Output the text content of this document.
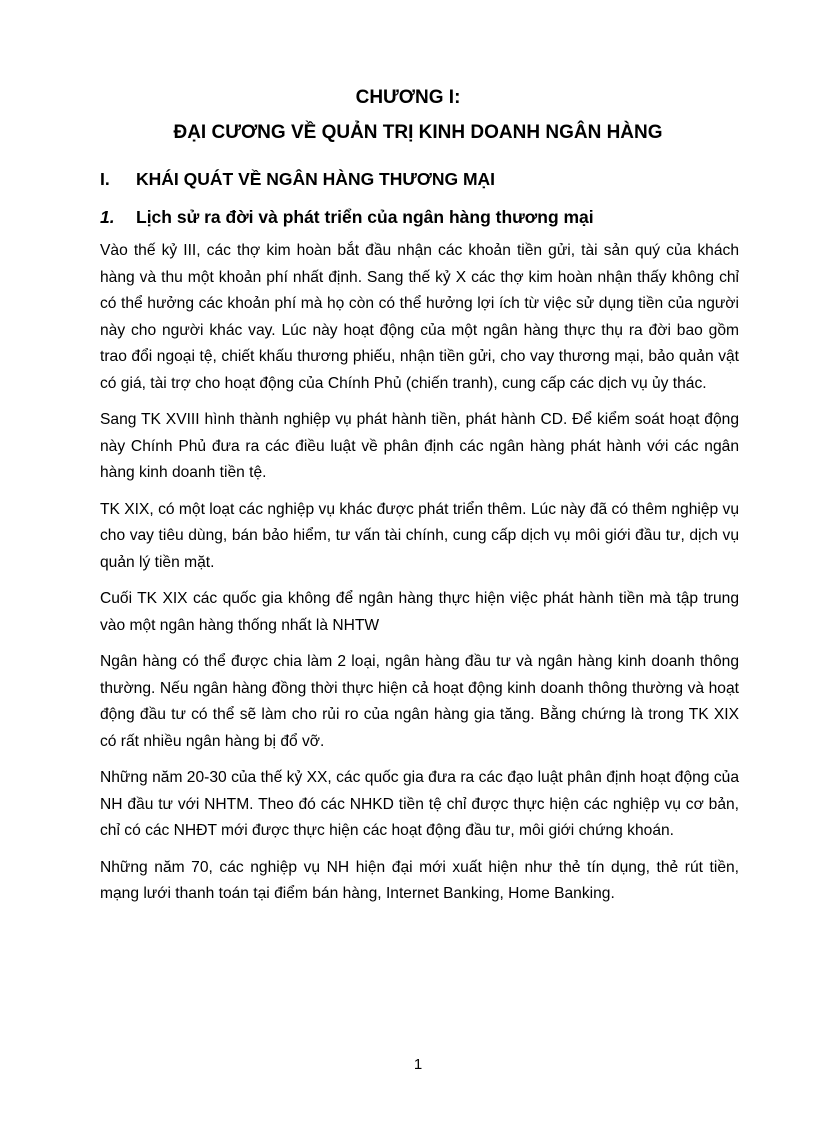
CHƯƠNG I:
ĐẠI CƯƠNG VỀ QUẢN TRỊ KINH DOANH NGÂN HÀNG
I. KHÁI QUÁT VỀ NGÂN HÀNG THƯƠNG MẠI
1. Lịch sử ra đời và phát triển của ngân hàng thương mại

Vào thế kỷ III, các thợ kim hoàn bắt đầu nhận các khoản tiền gửi, tài sản quý của khách hàng và thu một khoản phí nhất định. Sang thế kỷ X các thợ kim hoàn nhận thấy không chỉ có thể hưởng các khoản phí mà họ còn có thể hưởng lợi ích từ việc sử dụng tiền của người này cho người khác vay. Lúc này hoạt động của một ngân hàng thực thụ ra đời bao gồm trao đổi ngoại tệ, chiết khấu thương phiếu, nhận tiền gửi, cho vay thương mại, bảo quản vật có giá, tài trợ cho hoạt động của Chính Phủ (chiến tranh), cung cấp các dịch vụ ủy thác.

Sang TK XVIII hình thành nghiệp vụ phát hành tiền, phát hành CD. Để kiểm soát hoạt động này Chính Phủ đưa ra các điều luật về phân định các ngân hàng phát hành với các ngân hàng kinh doanh tiền tệ.

TK XIX, có một loạt các nghiệp vụ khác được phát triển thêm. Lúc này đã có thêm nghiệp vụ cho vay tiêu dùng, bán bảo hiểm, tư vấn tài chính, cung cấp dịch vụ môi giới đầu tư, dịch vụ quản lý tiền mặt.

Cuối TK XIX các quốc gia không để ngân hàng thực hiện việc phát hành tiền mà tập trung vào một ngân hàng thống nhất là NHTW

Ngân hàng có thể được chia làm 2 loại, ngân hàng đầu tư và ngân hàng kinh doanh thông thường. Nếu ngân hàng đồng thời thực hiện cả hoạt động kinh doanh thông thường và hoạt động đầu tư có thể sẽ làm cho rủi ro của ngân hàng gia tăng. Bằng chứng là trong TK XIX có rất nhiều ngân hàng bị đổ vỡ.

Những năm 20-30 của thế kỷ XX, các quốc gia đưa ra các đạo luật phân định hoạt động của NH đầu tư với NHTM. Theo đó các NHKD tiền tệ chỉ được thực hiện các nghiệp vụ cơ bản, chỉ có các NHĐT mới được thực hiện các hoạt động đầu tư, môi giới chứng khoán.

Những năm 70, các nghiệp vụ NH hiện đại mới xuất hiện như thẻ tín dụng, thẻ rút tiền, mạng lưới thanh toán tại điểm bán hàng, Internet Banking, Home Banking.

1
